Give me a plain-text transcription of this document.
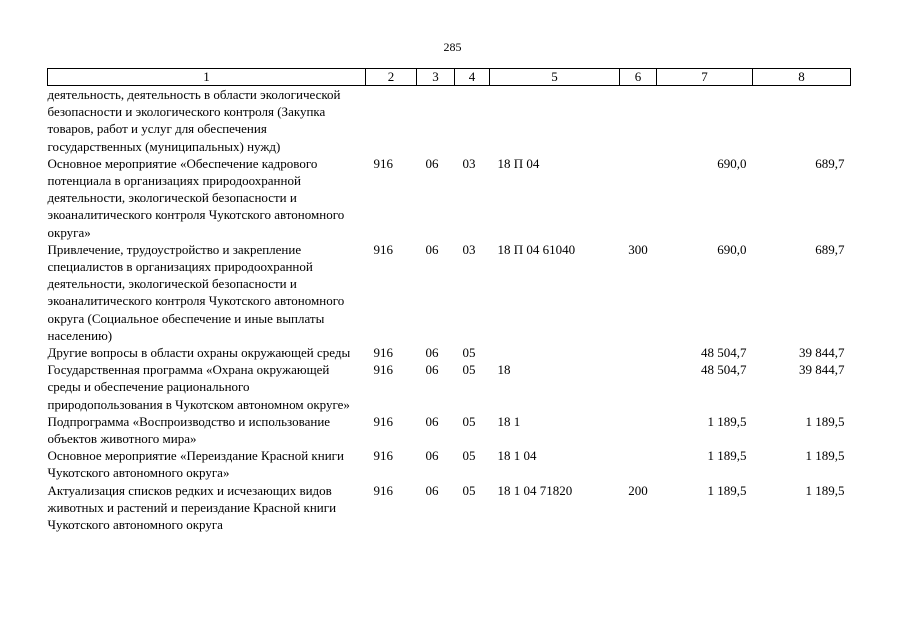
285
1	2	3	4	5	6	7	8
деятельность, деятельность в области экологической безопасности и экологического контроля (Закупка товаров, работ и услуг для обеспечения государственных (муниципальных) нужд)							
Основное мероприятие «Обеспечение кадрового потенциала в организациях природоохранной деятельности, экологической безопасности и экоаналитического контроля Чукотского автономного округа»	916	06	03	18 П 04		690,0	689,7
Привлечение, трудоустройство и закрепление специалистов в организациях природоохранной деятельности, экологической безопасности и экоаналитического контроля Чукотского автономного округа (Социальное обеспечение и иные выплаты населению)	916	06	03	18 П 04 61040	300	690,0	689,7
Другие вопросы в области охраны окружающей среды	916	06	05			48 504,7	39 844,7
Государственная программа «Охрана окружающей среды и обеспечение рационального природопользования в Чукотском автономном округе»	916	06	05	18		48 504,7	39 844,7
Подпрограмма «Воспроизводство и использование объектов животного мира»	916	06	05	18 1		1 189,5	1 189,5
Основное мероприятие «Переиздание Красной книги Чукотского автономного округа»	916	06	05	18 1 04		1 189,5	1 189,5
Актуализация списков редких и исчезающих видов животных и растений и переиздание Красной книги Чукотского автономного округа	916	06	05	18 1 04 71820	200	1 189,5	1 189,5
